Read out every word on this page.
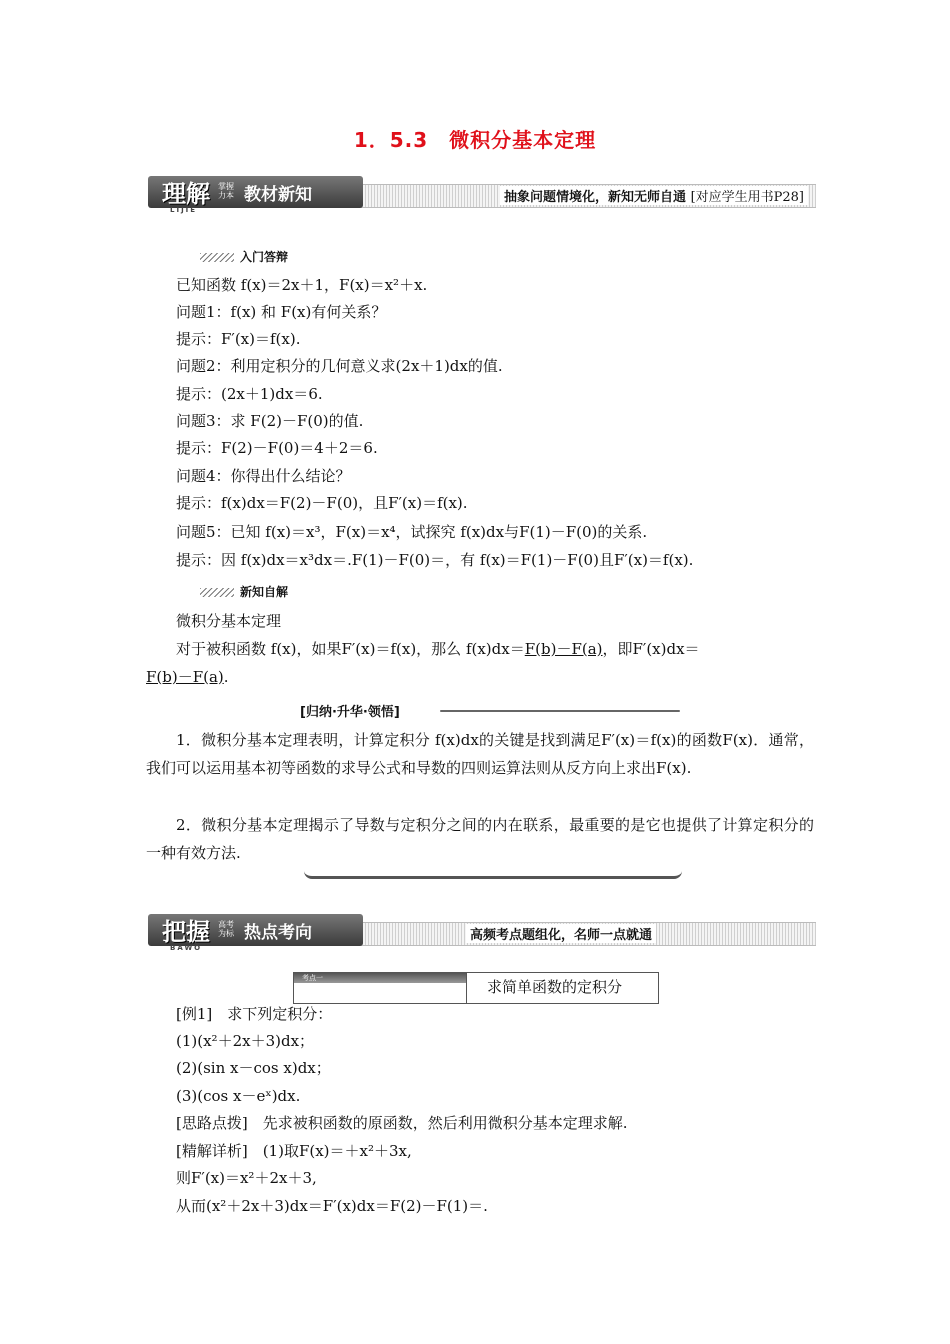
1．5.3　微积分基本定理
理解 掌握力本 教材新知
LIJIE
抽象问题情境化，新知无师自通 [对应学生用书P28]
入门答辩
已知函数 f(x)＝2x＋1，F(x)＝x²＋x.
问题1：f(x) 和 F(x)有何关系？
提示：F′(x)＝f(x).
问题2：利用定积分的几何意义求(2x＋1)dx的值.
提示：(2x＋1)dx＝6.
问题3：求 F(2)－F(0)的值.
提示：F(2)－F(0)＝4＋2＝6.
问题4：你得出什么结论？
提示：f(x)dx＝F(2)－F(0)，且F′(x)＝f(x).
问题5：已知 f(x)＝x³，F(x)＝x⁴，试探究 f(x)dx与F(1)－F(0)的关系.
提示：因 f(x)dx＝x³dx＝.F(1)－F(0)＝，有 f(x)＝F(1)－F(0)且F′(x)＝f(x).
新知自解
微积分基本定理
对于被积函数 f(x)，如果F′(x)＝f(x)，那么 f(x)dx＝F(b)－F(a)，即F′(x)dx＝
F(b)－F(a).
[归纳·升华·领悟]
1．微积分基本定理表明，计算定积分 f(x)dx的关键是找到满足F′(x)＝f(x)的函数F(x)．通常，我们可以运用基本初等函数的求导公式和导数的四则运算法则从反方向上求出F(x).
2．微积分基本定理揭示了导数与定积分之间的内在联系，最重要的是它也提供了计算定积分的一种有效方法.
把握 高考为标 热点考向
BAWO
高频考点题组化，名师一点就通
考点一	求简单函数的定积分
[例1]　求下列定积分：
(1)(x²＋2x＋3)dx；
(2)(sin x－cos x)dx；
(3)(cos x－eˣ)dx.
[思路点拨]　先求被积函数的原函数，然后利用微积分基本定理求解.
[精解详析]　(1)取F(x)＝＋x²＋3x,
则F′(x)＝x²＋2x＋3,
从而(x²＋2x＋3)dx＝F′(x)dx＝F(2)－F(1)＝.
